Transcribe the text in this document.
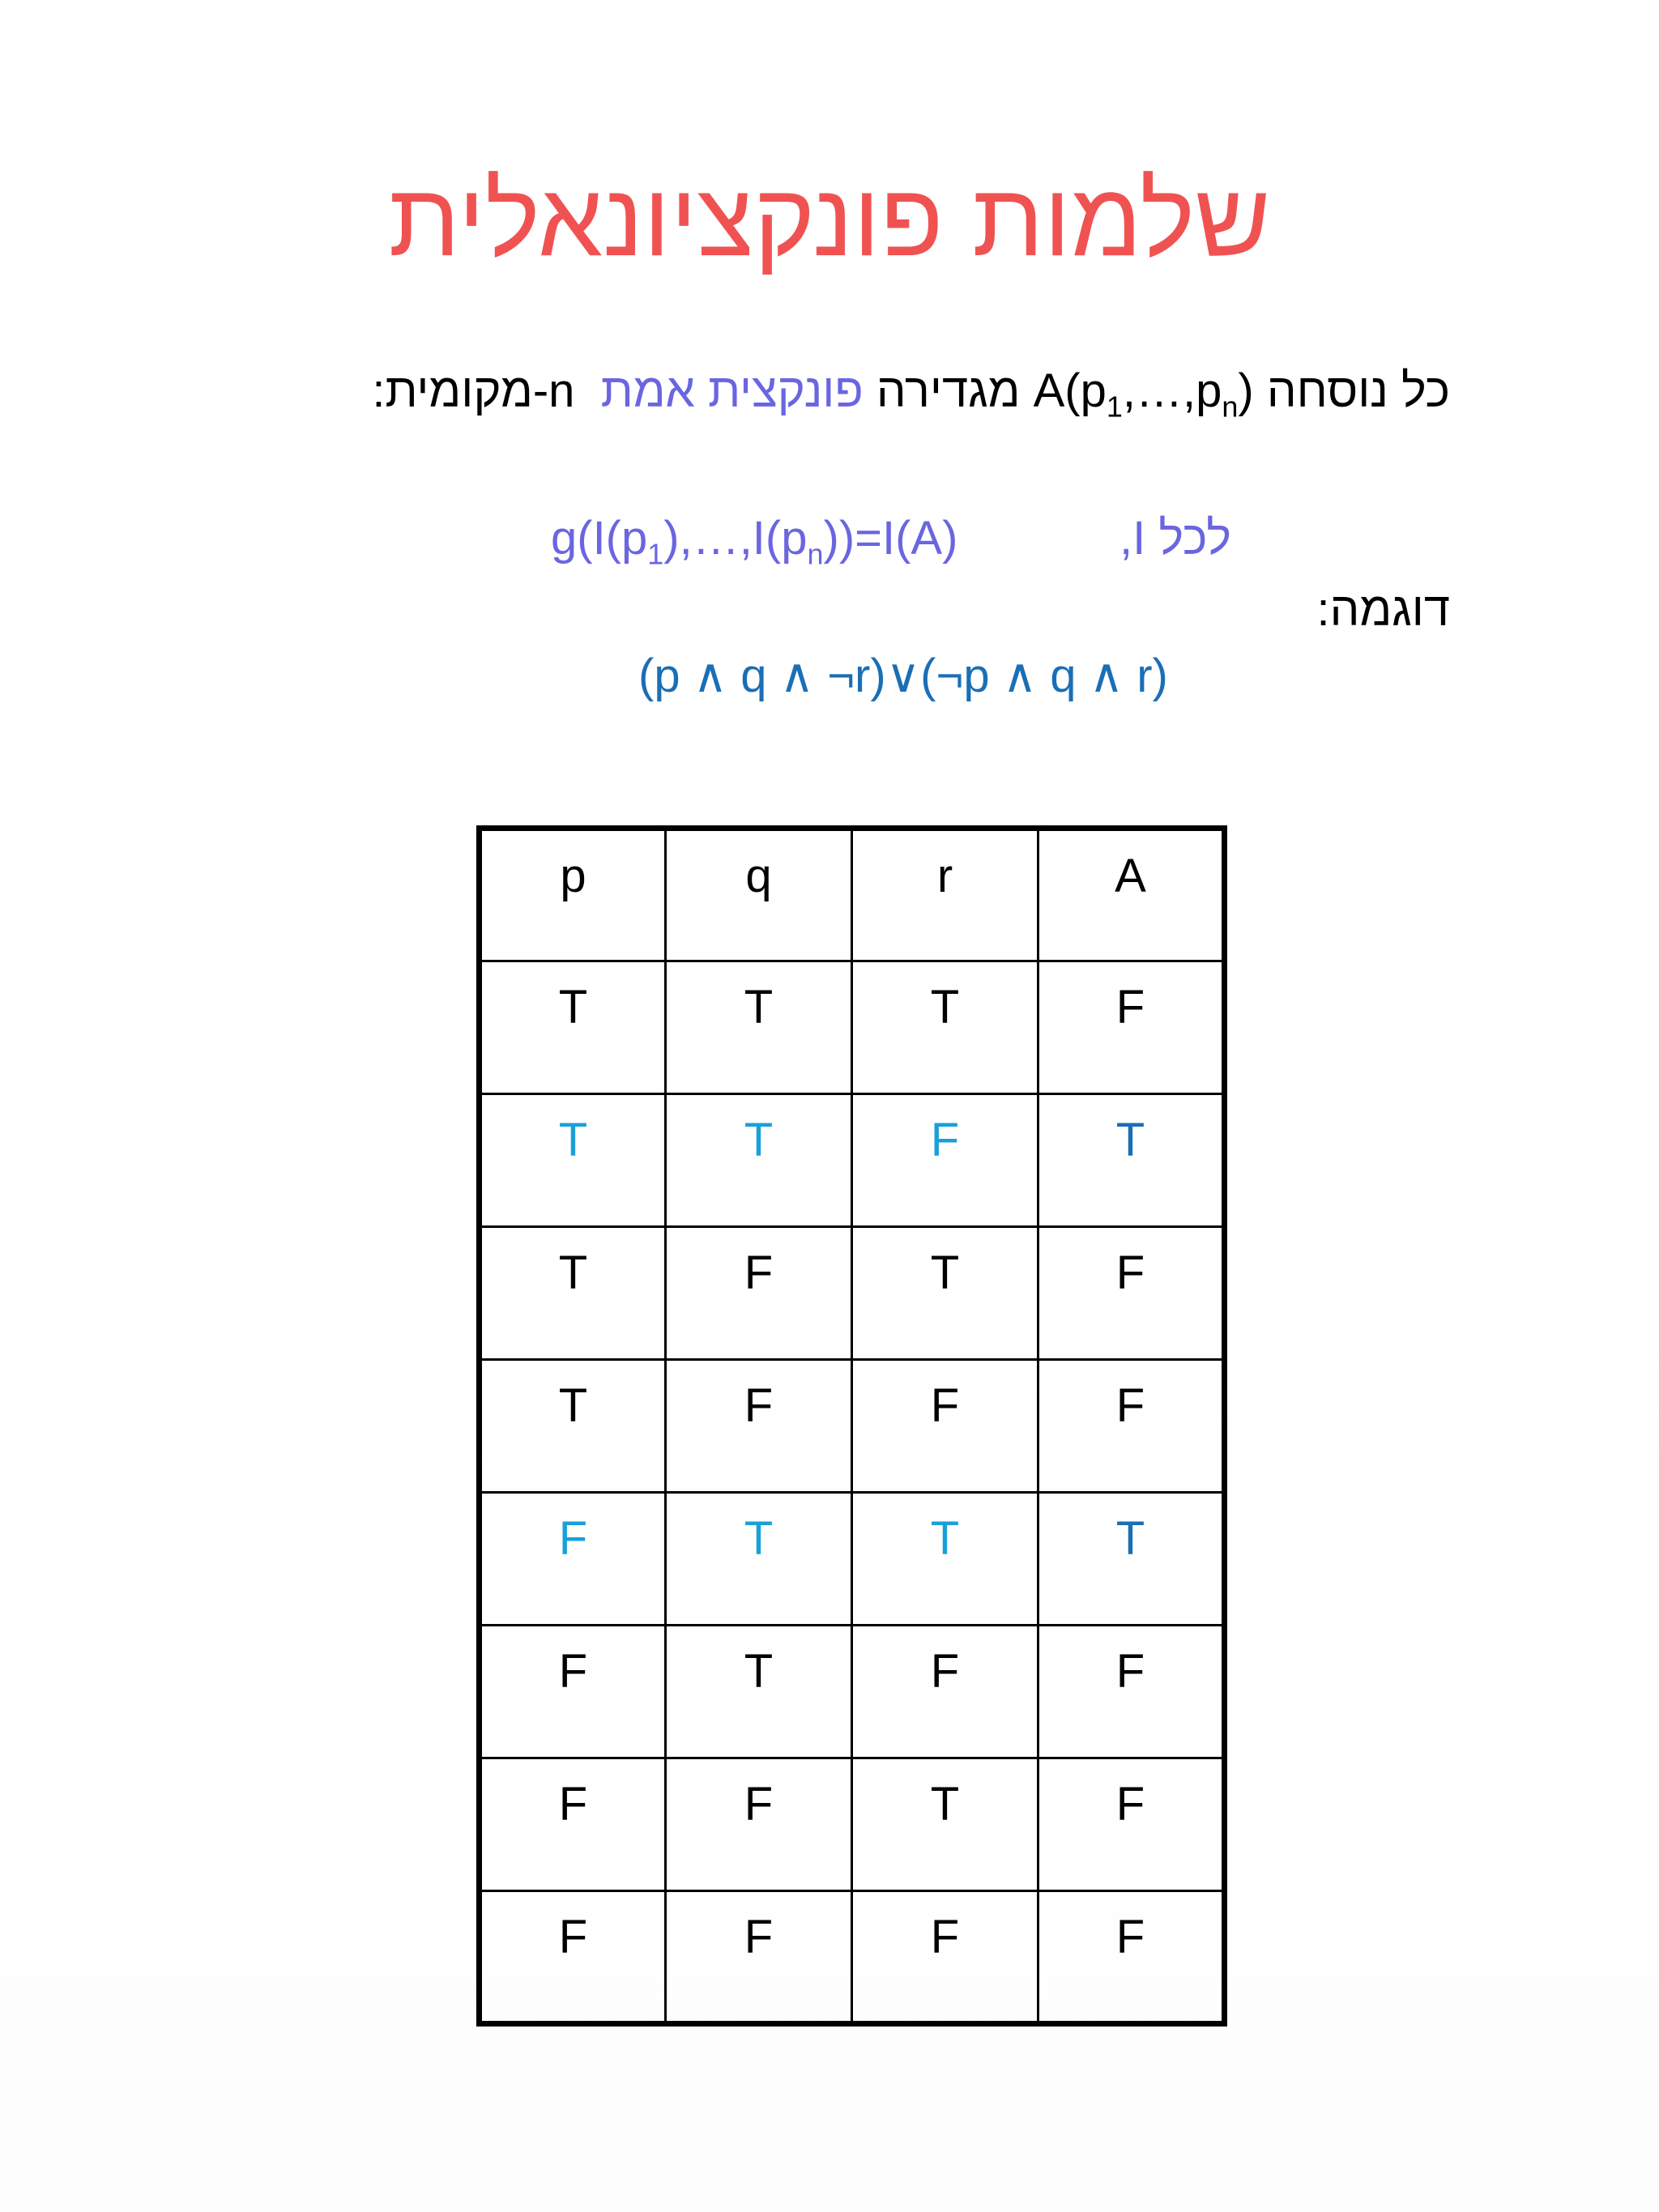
שלמות פונקציונאלית
כל נוסחה $A(p_1,\dots,p_n)$ מגדירה פונקצית אמת  n-מקומית:
$g(I(p_1),\dots,I(p_n))=I(A)$	לכל I,
דוגמה:
(p ∧ q ∧ ¬r)∨(¬p ∧ q ∧ r)
p	q	r	A
T	T	T	F
T	T	F	T
T	F	T	F
T	F	F	F
F	T	T	T
F	T	F	F
F	F	T	F
F	F	F	F
